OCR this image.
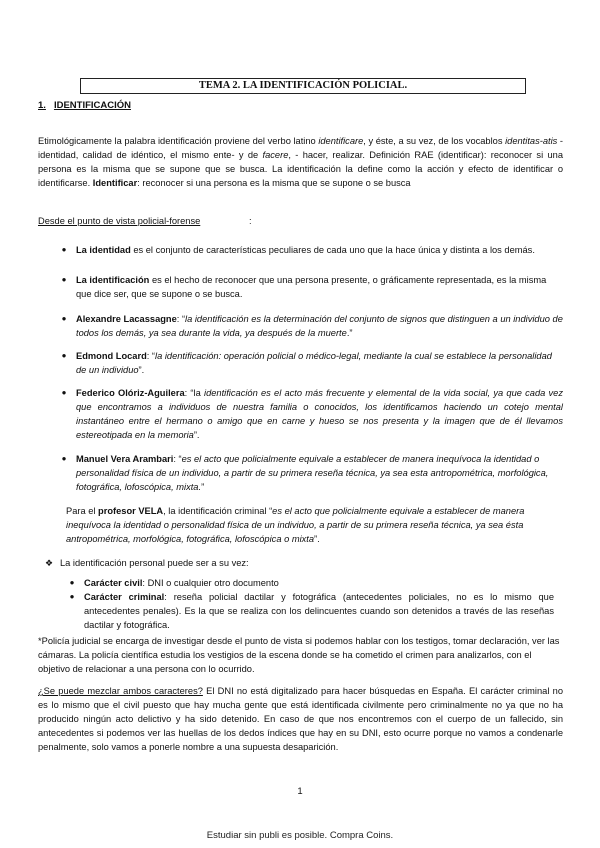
TEMA 2. LA IDENTIFICACIÓN POLICIAL.
1. IDENTIFICACIÓN
Etimológicamente la palabra identificación proviene del verbo latino identificare, y éste, a su vez, de los vocablos identitas-atis -identidad, calidad de idéntico, el mismo ente- y de facere, - hacer, realizar. Definición RAE (identificar): reconocer si una persona es la misma que se supone que se busca. La identificación la define como la acción y efecto de identificar o identificarse. Identificar: reconocer si una persona es la misma que se supone o se busca
Desde el punto de vista policial-forense	:
● La identidad es el conjunto de características peculiares de cada uno que la hace única y distinta a los demás.
● La identificación es el hecho de reconocer que una persona presente, o gráficamente representada, es la misma que dice ser, que se supone o se busca.
● Alexandre Lacassagne: “la identificación es la determinación del conjunto de signos que distinguen a un individuo de todos los demás, ya sea durante la vida, ya después de la muerte.”
● Edmond Locard: “la identificación: operación policial o médico-legal, mediante la cual se establece la personalidad de un individuo”.
● Federico Olóriz-Aguilera: “la identificación es el acto más frecuente y elemental de la vida social, ya que cada vez que encontramos a individuos de nuestra familia o conocidos, los identificamos haciendo un cotejo mental instantáneo entre el hermano o amigo que en carne y hueso se nos presenta y la imagen que de él llevamos estereotipada en la memoria”.
● Manuel Vera Arambari: “es el acto que policialmente equivale a establecer de manera inequívoca la identidad o personalidad física de un individuo, a partir de su primera reseña técnica, ya sea esta antropométrica, morfológica, fotográfica, lofoscópica, mixta.”
Para el profesor VELA, la identificación criminal “es el acto que policialmente equivale a establecer de manera inequívoca la identidad o personalidad física de un individuo, a partir de su primera reseña técnica, ya sea ésta antropométrica, morfológica, fotográfica, lofoscópica o mixta”.
❖ La identificación personal puede ser a su vez:
● Carácter civil: DNI o cualquier otro documento
● Carácter criminal: reseña policial dactilar y fotográfica (antecedentes policiales, no es lo mismo que antecedentes penales). Es la que se realiza con los delincuentes cuando son detenidos a través de las reseñas dactilar y fotográfica.
*Policía judicial se encarga de investigar desde el punto de vista si podemos hablar con los testigos, tomar declaración, ver las cámaras. La policía científica estudia los vestigios de la escena donde se ha cometido el crimen para analizarlos, con el objetivo de relacionar a una persona con lo ocurrido.
¿Se puede mezclar ambos caracteres? El DNI no está digitalizado para hacer búsquedas en España. El carácter criminal no es lo mismo que el civil puesto que hay mucha gente que está identificada civilmente pero criminalmente no ya que no ha producido ningún acto delictivo y ha sido detenido. En caso de que nos encontremos con el cuerpo de un fallecido, sin antecedentes si podemos ver las huellas de los dedos índices que hay en su DNI, esto ocurre porque no vamos a condenarle penalmente, solo vamos a ponerle nombre a una supuesta desaparición.
1
Estudiar sin publi es posible. Compra Coins.
